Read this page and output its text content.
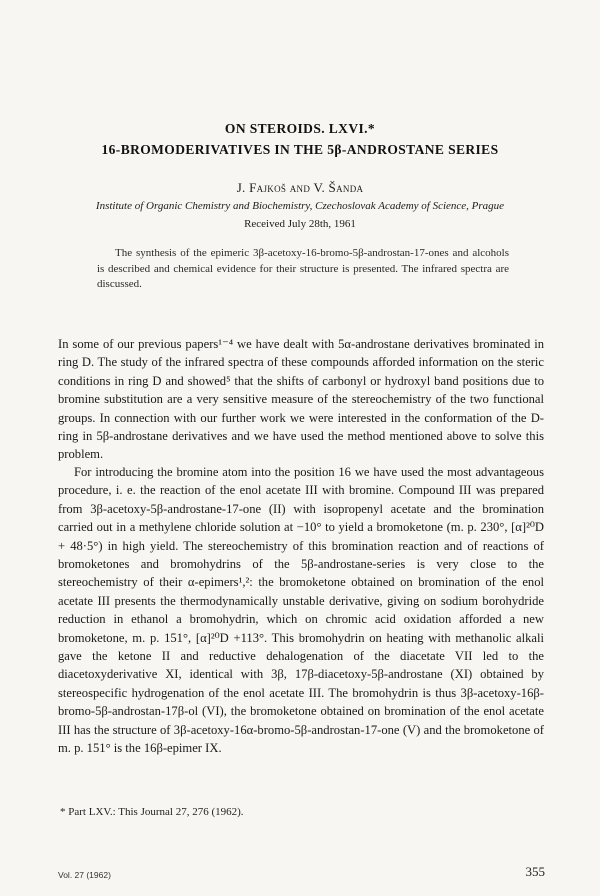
ON STEROIDS. LXVI.*
16-BROMODERIVATIVES IN THE 5β-ANDROSTANE SERIES
J. Fajkoš and V. Šanda
Institute of Organic Chemistry and Biochemistry, Czechoslovak Academy of Science, Prague
Received July 28th, 1961
The synthesis of the epimeric 3β-acetoxy-16-bromo-5β-androstan-17-ones and alcohols is described and chemical evidence for their structure is presented. The infrared spectra are discussed.
In some of our previous papers¹⁻⁴ we have dealt with 5α-androstane derivatives brominated in ring D. The study of the infrared spectra of these compounds afforded information on the steric conditions in ring D and showed⁵ that the shifts of carbonyl or hydroxyl band positions due to bromine substitution are a very sensitive measure of the stereochemistry of the two functional groups. In connection with our further work we were interested in the conformation of the D-ring in 5β-androstane derivatives and we have used the method mentioned above to solve this problem.
For introducing the bromine atom into the position 16 we have used the most advantageous procedure, i. e. the reaction of the enol acetate III with bromine. Compound III was prepared from 3β-acetoxy-5β-androstane-17-one (II) with isopropenyl acetate and the bromination carried out in a methylene chloride solution at −10° to yield a bromoketone (m. p. 230°, [α]²⁰D + 48·5°) in high yield. The stereochemistry of this bromination reaction and of reactions of bromoketones and bromohydrins of the 5β-androstane-series is very close to the stereochemistry of their α-epimers¹,²: the bromoketone obtained on bromination of the enol acetate III presents the thermodynamically unstable derivative, giving on sodium borohydride reduction in ethanol a bromohydrin, which on chromic acid oxidation afforded a new bromoketone, m. p. 151°, [α]²⁰D +113°. This bromohydrin on heating with methanolic alkali gave the ketone II and reductive dehalogenation of the diacetate VII led to the diacetoxyderivative XI, identical with 3β, 17β-diacetoxy-5β-androstane (XI) obtained by stereospecific hydrogenation of the enol acetate III. The bromohydrin is thus 3β-acetoxy-16β-bromo-5β-androstan-17β-ol (VI), the bromoketone obtained on bromination of the enol acetate III has the structure of 3β-acetoxy-16α-bromo-5β-androstan-17-one (V) and the bromoketone of m. p. 151° is the 16β-epimer IX.
* Part LXV.: This Journal 27, 276 (1962).
Vol. 27 (1962)	355
